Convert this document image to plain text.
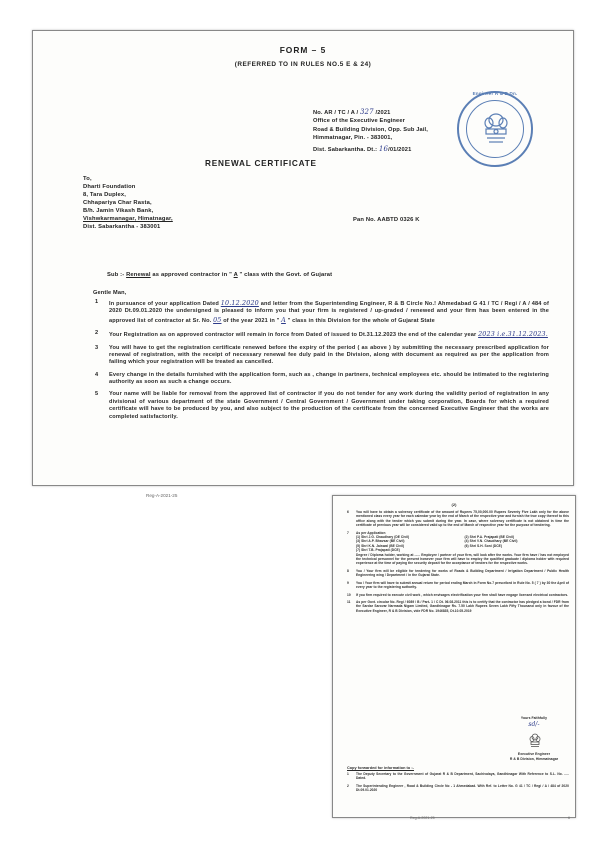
FORM – 5
(REFERRED TO IN RULES NO.5 E & 24)
Engineer R & B Dn.
No. AR / TC / A / 327 /2021
Office of the Executive Engineer
Road & Building Division, Opp. Sub Jail,
Himmatnagar, Pin. - 383001,
Dist. Sabarkantha. Dt.: 16/01/2021
RENEWAL CERTIFICATE
To,
Dharti Foundation
8, Tara Duplex,
Chhapariya Char Rasta,
B/h. Jamin Vikash Bank,
Vishwkarmanagar, Himatnagar,
Dist. Sabarkantha - 383001
Pan No. AABTD 0326 K
Sub :- Renewal as approved contractor in " A " class with the Govt. of Gujarat
Gentle Man,
1	In pursuance of your application Dated 10.12.2020 and letter from the Superintending Engineer, R & B Circle No.! Ahmedabad G 41 / TC / Regi / A / 484 of 2020 Dt.09.01.2020 the undersigned is pleased to inform you that your firm is registered / up-graded / renewed and your firm has been entered in the approved list of contractor at Sr. No. 05 of the year 2021 in " A " class in this Division for the whole of Gujarat State
2	Your Registration as on approved contractor will remain in force from Dated of issued to Dt.31.12.2023 the end of the calendar year 2023 i.e.31.12.2023.
3	You will have to get the registration certificate renewed before the expiry of the period ( as above ) by submitting the necessary prescribed application for renewal of registration, with the receipt of necessary renewal fee duly paid in the Division, along with document as required as per the application from failing which your registration will be treated as cancelled.
4	Every change in the details furnished with the application form, such as , change in partners, technical employees etc. should be intimated to the registering authority as soon as such a change occurs.
5	Your name will be liable for removal from the approved list of contractor if you do not tender for any work during the validity period of registration in any divisional of various department of the state Government / Central Government / Government under taking corporation, Boards for which a required certificate will have to be produced by you, and also subject to the production of the certificate from the concerned Executive Engineer that the works are completed satisfactorily.
Reg-A-2021-25
(2)
6	You will have to obtain a solvency certificate of the amount of Rupees 75,00,000.00 Rupees Seventy Five Lakh only for the above mentioned class every year for each calendar year by the end of March of the respective year and furnish the true copy thereof to this office along with the tender which you submit during the year. In case, where solvency certificate is not obtained in time the certificate of previous year will be considered valid up to the end of March of respective year for the purpose of tendering.
7	As per Application
(1) Shri J.G. Chaudhary (DE Civil)	(2) Shri P.A. Prajapati (BE Civil)
(3) Shri A.P. Bhavsar (BE Civil)	(4) Shri V.N. Chaudhary (BE Civil)
(5) Shri K.N. Jaiswal (BE Civil)	(6) Shri S.H. Soni (DCE)
(7) Shri T.B. Prajapati (DCE)
Degree / Diploma holder, working at ...... Employee / partner of your firm, will look after the works. Your firm have / has not employed the technical personnel for the present however your firm will have to employ the qualified graduate / diploma holder with required experience at the time of paying the security deposit for the acceptance of tenders for the respective works.
8	You / Your firm will be eligible for tendering for works of Roads & Building Department / Irrigation Department / Public Health Engineering wing / Department / in the Gujarat State.
9	You / Your firm will have to submit annual return for period ending March in Form No.7 prescribed in Rule No. 5 ( 7 ) by 30 the April of every year to the registering authority.
10	If you firm required to execute civil work , which envisages electrification your firm shall have engage licensed electrical contractors.
11	As per Govt. circular No. Regi / 6089 / B / Part- 1 / C Dt. 06.08.2011 this is to certify that the contractor has pledged a bond / FDR from the Sardar Sarovar Narmada Nigam Limited, Gandhinagar Rs. 7.50 Lakh Rupees Seven Lakh Fifty Thousand only in favour of the Executive Engineer, R & B Division, vide FDR No. 1946835, Dt.10.05.2019
Yours Faithfully
sd/-
Executive Engineer
R & B Division, Himmatnagar
Copy forwarded for information to :-
1	The Deputy Secretary to the Government of Gujarat R & B Department, Sachivalaya, Gandhinagar With Reference to S.L. No. ..... Dated.
2	The Superintending Engineer , Road & Building Circle No - 1 Ahmedabad. With Ref. to Letter No. G 41 / TC / Regi / A / 484 of 2020 Dt.09.01.2020
Reg-A-2021-25	6
